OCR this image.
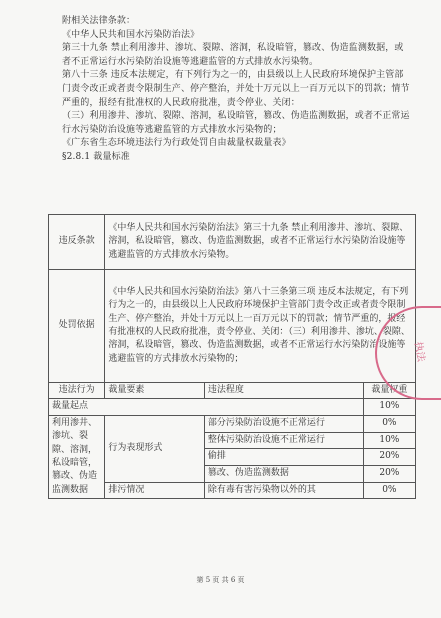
附相关法律条款：
《中华人民共和国水污染防治法》
第三十九条 禁止利用渗井、渗坑、裂隙、溶洞，私设暗管，篡改、伪造监测数据，或者不正常运行水污染防治设施等逃避监管的方式排放水污染物。
第八十三条 违反本法规定，有下列行为之一的，由县级以上人民政府环境保护主管部门责令改正或者责令限制生产、停产整治，并处十万元以上一百万元以下的罚款；情节严重的，报经有批准权的人民政府批准，责令停业、关闭：
（三）利用渗井、渗坑、裂隙、溶洞，私设暗管，篡改、伪造监测数据，或者不正常运行水污染防治设施等逃避监管的方式排放水污染物的；
《广东省生态环境违法行为行政处罚自由裁量权裁量表》
§2.8.1 裁量标准
违反条款	《中华人民共和国水污染防治法》第三十九条 禁止利用渗井、渗坑、裂隙、溶洞，私设暗管，篡改、伪造监测数据，或者不正常运行水污染防治设施等逃避监管的方式排放水污染物。		
处罚依据	《中华人民共和国水污染防治法》第八十三条第三项 违反本法规定，有下列行为之一的，由县级以上人民政府环境保护主管部门责令改正或者责令限制生产、停产整治，并处十万元以上一百万元以下的罚款；情节严重的，报经有批准权的人民政府批准，责令停业、关闭：（三）利用渗井、渗坑、裂隙、溶洞，私设暗管，篡改、伪造监测数据，或者不正常运行水污染防治设施等逃避监管的方式排放水污染物的；		
违法行为	裁量要素	违法程度	裁量权重
裁量起点			10%
利用渗井、渗坑、裂隙、溶洞，私设暗管，篡改、伪造监测数据	行为表现形式	部分污染防治设施不正常运行	0%
		整体污染防治设施不正常运行	10%
		偷排	20%
		篡改、伪造监测数据	20%
	排污情况	除有毒有害污染物以外的其	0%
执法
第 5 页 共 6 页
